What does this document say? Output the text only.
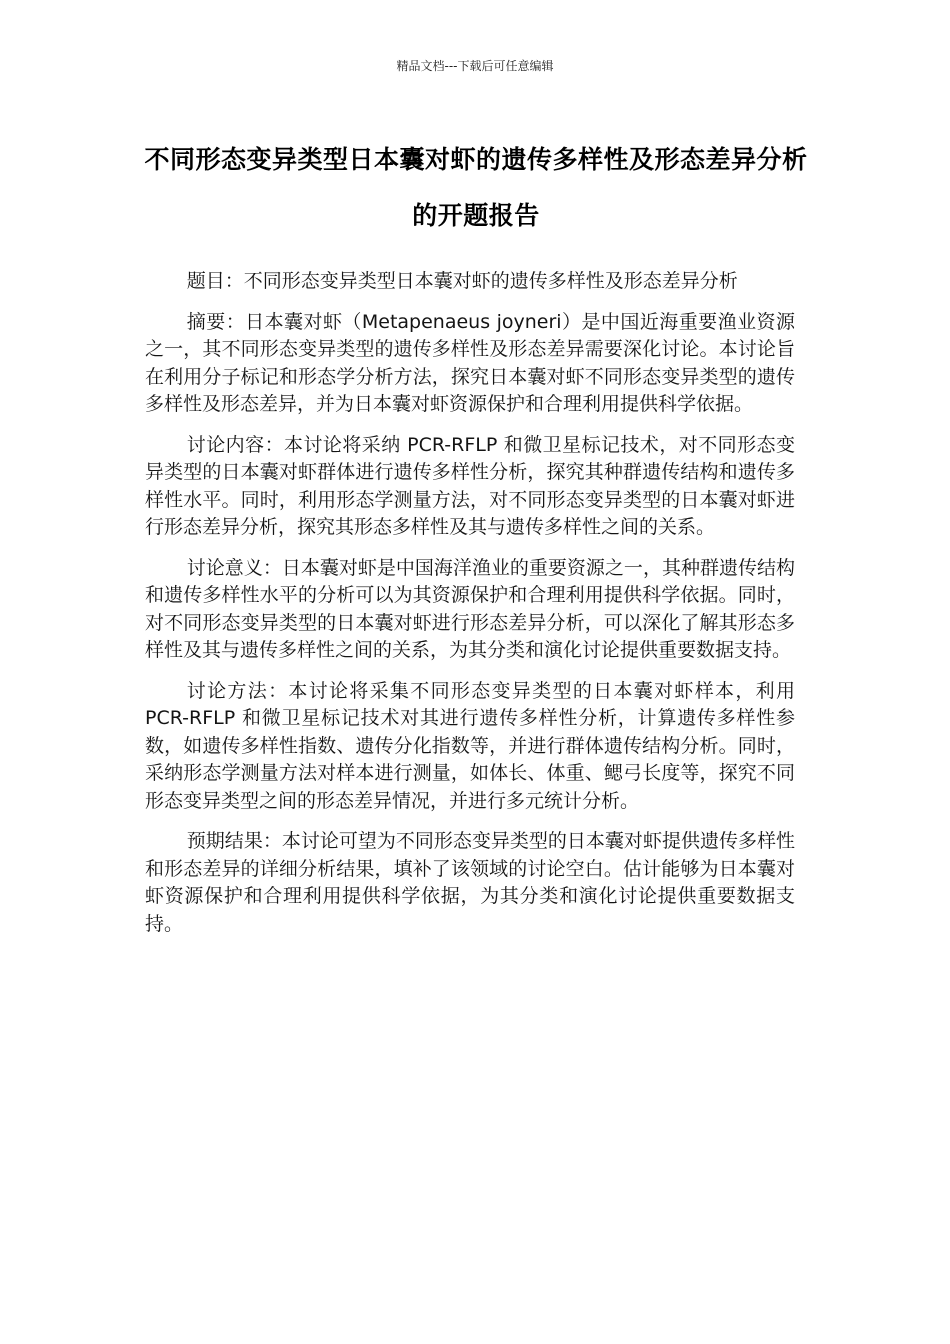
精品文档---下载后可任意编辑
不同形态变异类型日本囊对虾的遗传多样性及形态差异分析的开题报告

题目：不同形态变异类型日本囊对虾的遗传多样性及形态差异分析

摘要：日本囊对虾（Metapenaeus joyneri）是中国近海重要渔业资源之一，其不同形态变异类型的遗传多样性及形态差异需要深化讨论。本讨论旨在利用分子标记和形态学分析方法，探究日本囊对虾不同形态变异类型的遗传多样性及形态差异，并为日本囊对虾资源保护和合理利用提供科学依据。

讨论内容：本讨论将采纳 PCR-RFLP 和微卫星标记技术，对不同形态变异类型的日本囊对虾群体进行遗传多样性分析，探究其种群遗传结构和遗传多样性水平。同时，利用形态学测量方法，对不同形态变异类型的日本囊对虾进行形态差异分析，探究其形态多样性及其与遗传多样性之间的关系。

讨论意义：日本囊对虾是中国海洋渔业的重要资源之一，其种群遗传结构和遗传多样性水平的分析可以为其资源保护和合理利用提供科学依据。同时，对不同形态变异类型的日本囊对虾进行形态差异分析，可以深化了解其形态多样性及其与遗传多样性之间的关系，为其分类和演化讨论提供重要数据支持。

讨论方法：本讨论将采集不同形态变异类型的日本囊对虾样本，利用 PCR-RFLP 和微卫星标记技术对其进行遗传多样性分析，计算遗传多样性参数，如遗传多样性指数、遗传分化指数等，并进行群体遗传结构分析。同时，采纳形态学测量方法对样本进行测量，如体长、体重、鳃弓长度等，探究不同形态变异类型之间的形态差异情况，并进行多元统计分析。

预期结果：本讨论可望为不同形态变异类型的日本囊对虾提供遗传多样性和形态差异的详细分析结果，填补了该领域的讨论空白。估计能够为日本囊对虾资源保护和合理利用提供科学依据，为其分类和演化讨论提供重要数据支持。
